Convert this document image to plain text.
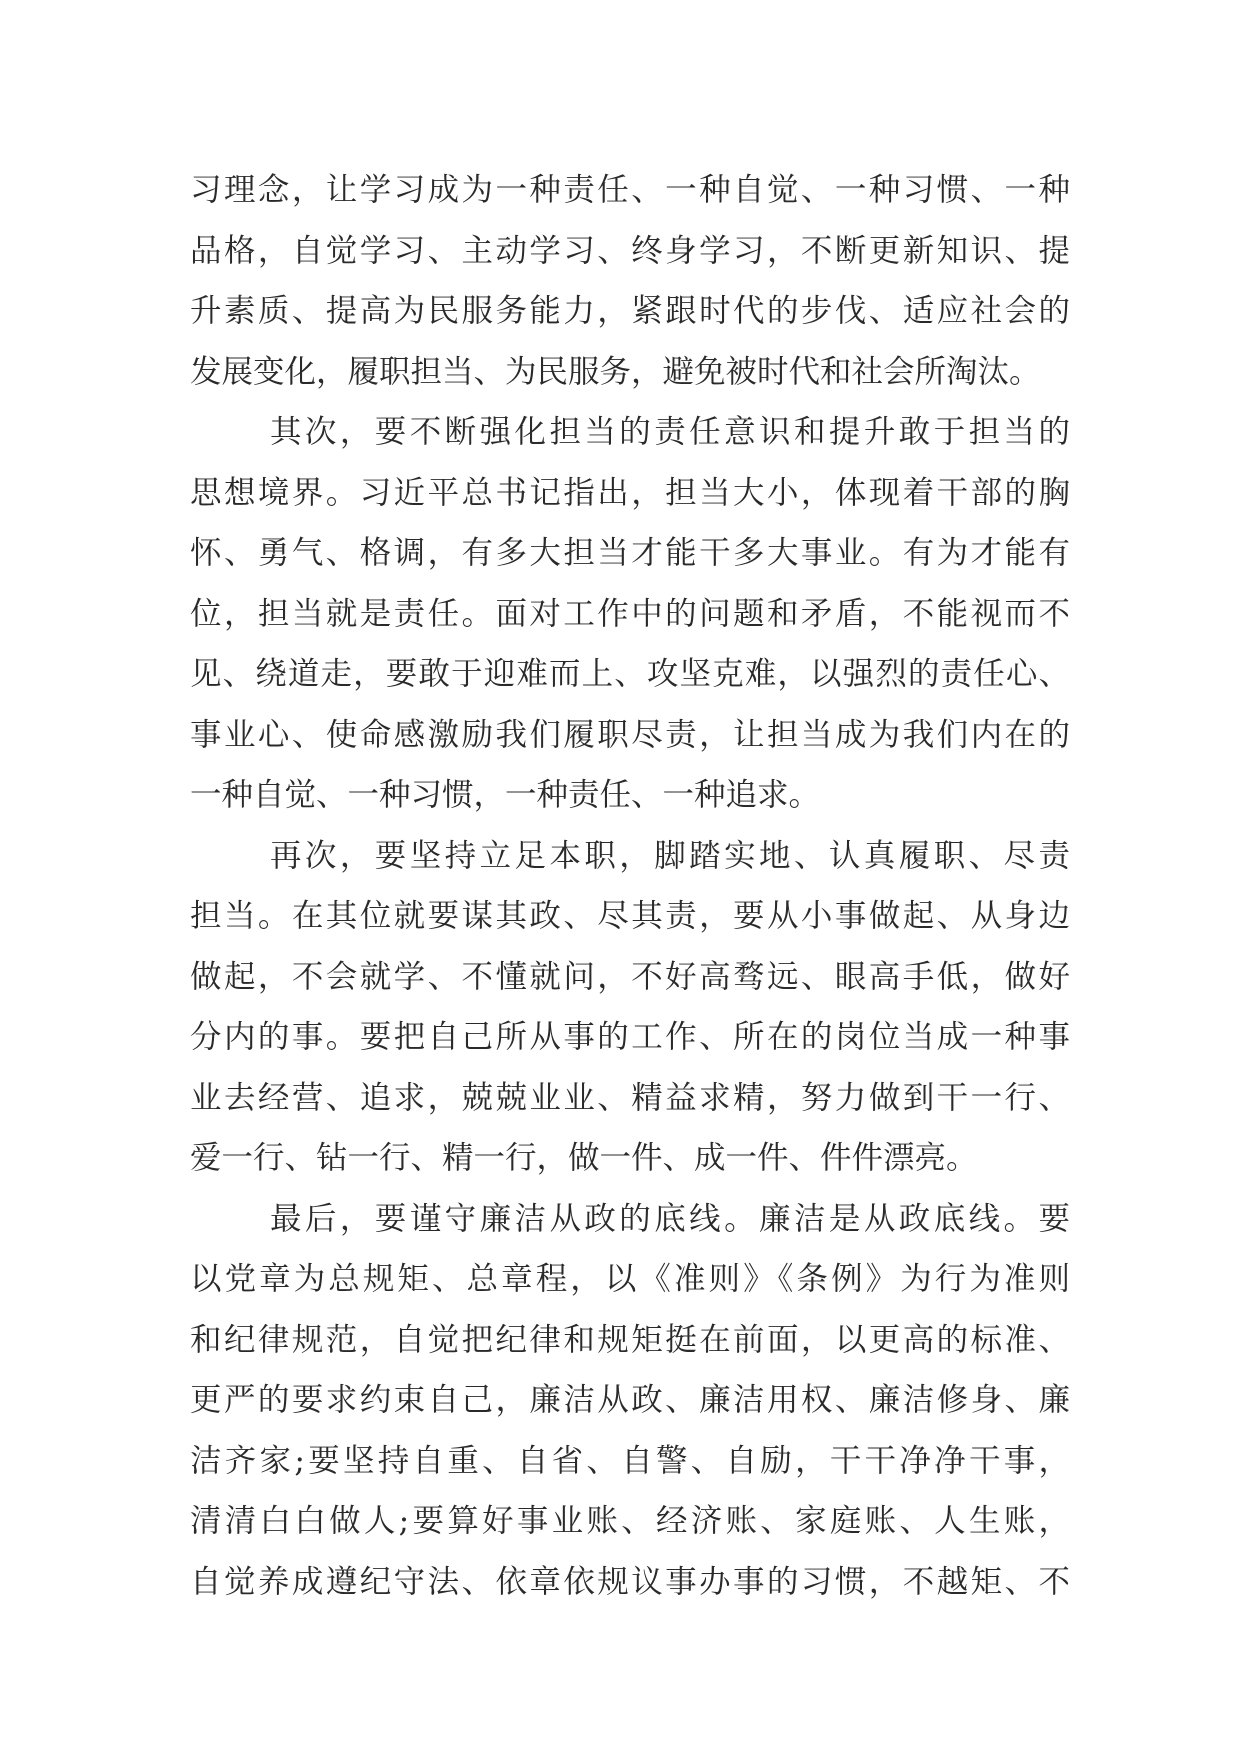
习理念，让学习成为一种责任、一种自觉、一种习惯、一种
品格，自觉学习、主动学习、终身学习，不断更新知识、提
升素质、提高为民服务能力，紧跟时代的步伐、适应社会的
发展变化，履职担当、为民服务，避免被时代和社会所淘汰。
其次，要不断强化担当的责任意识和提升敢于担当的
思想境界。习近平总书记指出，担当大小，体现着干部的胸
怀、勇气、格调，有多大担当才能干多大事业。有为才能有
位，担当就是责任。面对工作中的问题和矛盾，不能视而不
见、绕道走，要敢于迎难而上、攻坚克难，以强烈的责任心、
事业心、使命感激励我们履职尽责，让担当成为我们内在的
一种自觉、一种习惯，一种责任、一种追求。
再次，要坚持立足本职，脚踏实地、认真履职、尽责
担当。在其位就要谋其政、尽其责，要从小事做起、从身边
做起，不会就学、不懂就问，不好高骛远、眼高手低，做好
分内的事。要把自己所从事的工作、所在的岗位当成一种事
业去经营、追求，兢兢业业、精益求精，努力做到干一行、
爱一行、钻一行、精一行，做一件、成一件、件件漂亮。
最后，要谨守廉洁从政的底线。廉洁是从政底线。要
以党章为总规矩、总章程，以《准则》《条例》为行为准则
和纪律规范，自觉把纪律和规矩挺在前面，以更高的标准、
更严的要求约束自己，廉洁从政、廉洁用权、廉洁修身、廉
洁齐家;要坚持自重、自省、自警、自励，干干净净干事，
清清白白做人;要算好事业账、经济账、家庭账、人生账，
自觉养成遵纪守法、依章依规议事办事的习惯，不越矩、不
